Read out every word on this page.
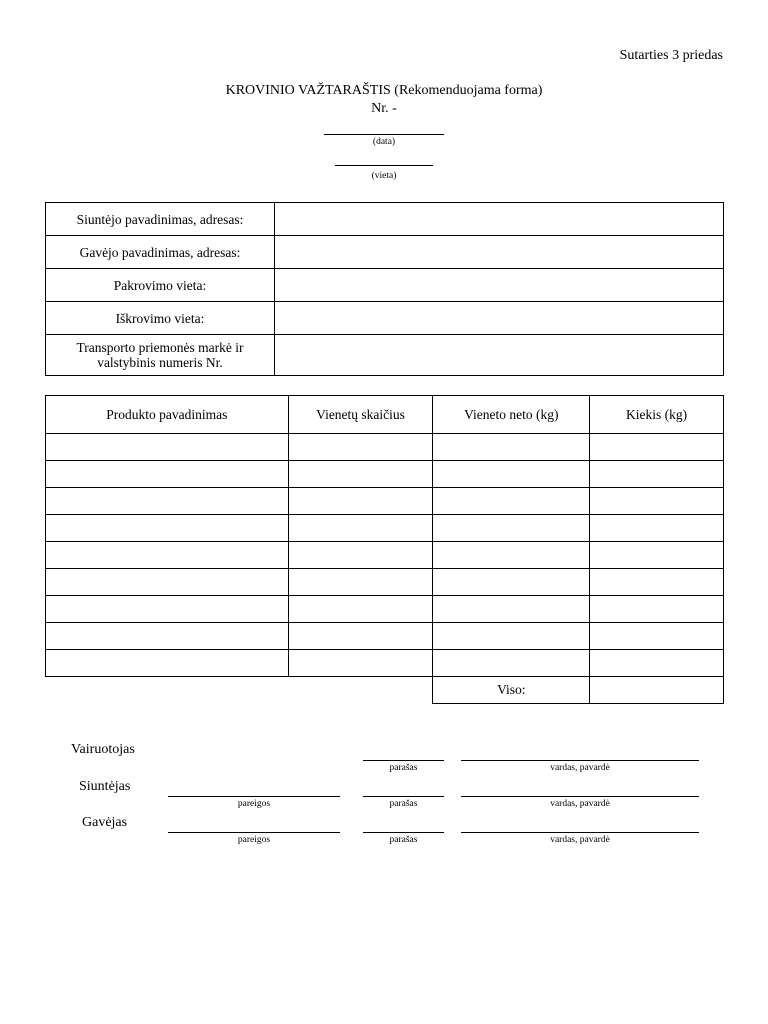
Sutarties 3 priedas
KROVINIO VAŽTARAŠTIS (Rekomenduojama forma)
Nr. -
(data)
(vieta)
Siuntėjo pavadinimas, adresas:	
Gavėjo pavadinimas, adresas:	
Pakrovimo vieta:	
Iškrovimo vieta:	
Transporto priemonės markė ir valstybinis numeris Nr.	
Produkto pavadinimas	Vienetų skaičius	Vieneto neto (kg)	Kiekis (kg)

		Viso:	
Vairuotojas
parašas	vardas, pavardė
Siuntėjas
pareigos	parašas	vardas, pavardė
Gavėjas
pareigos	parašas	vardas, pavardė
